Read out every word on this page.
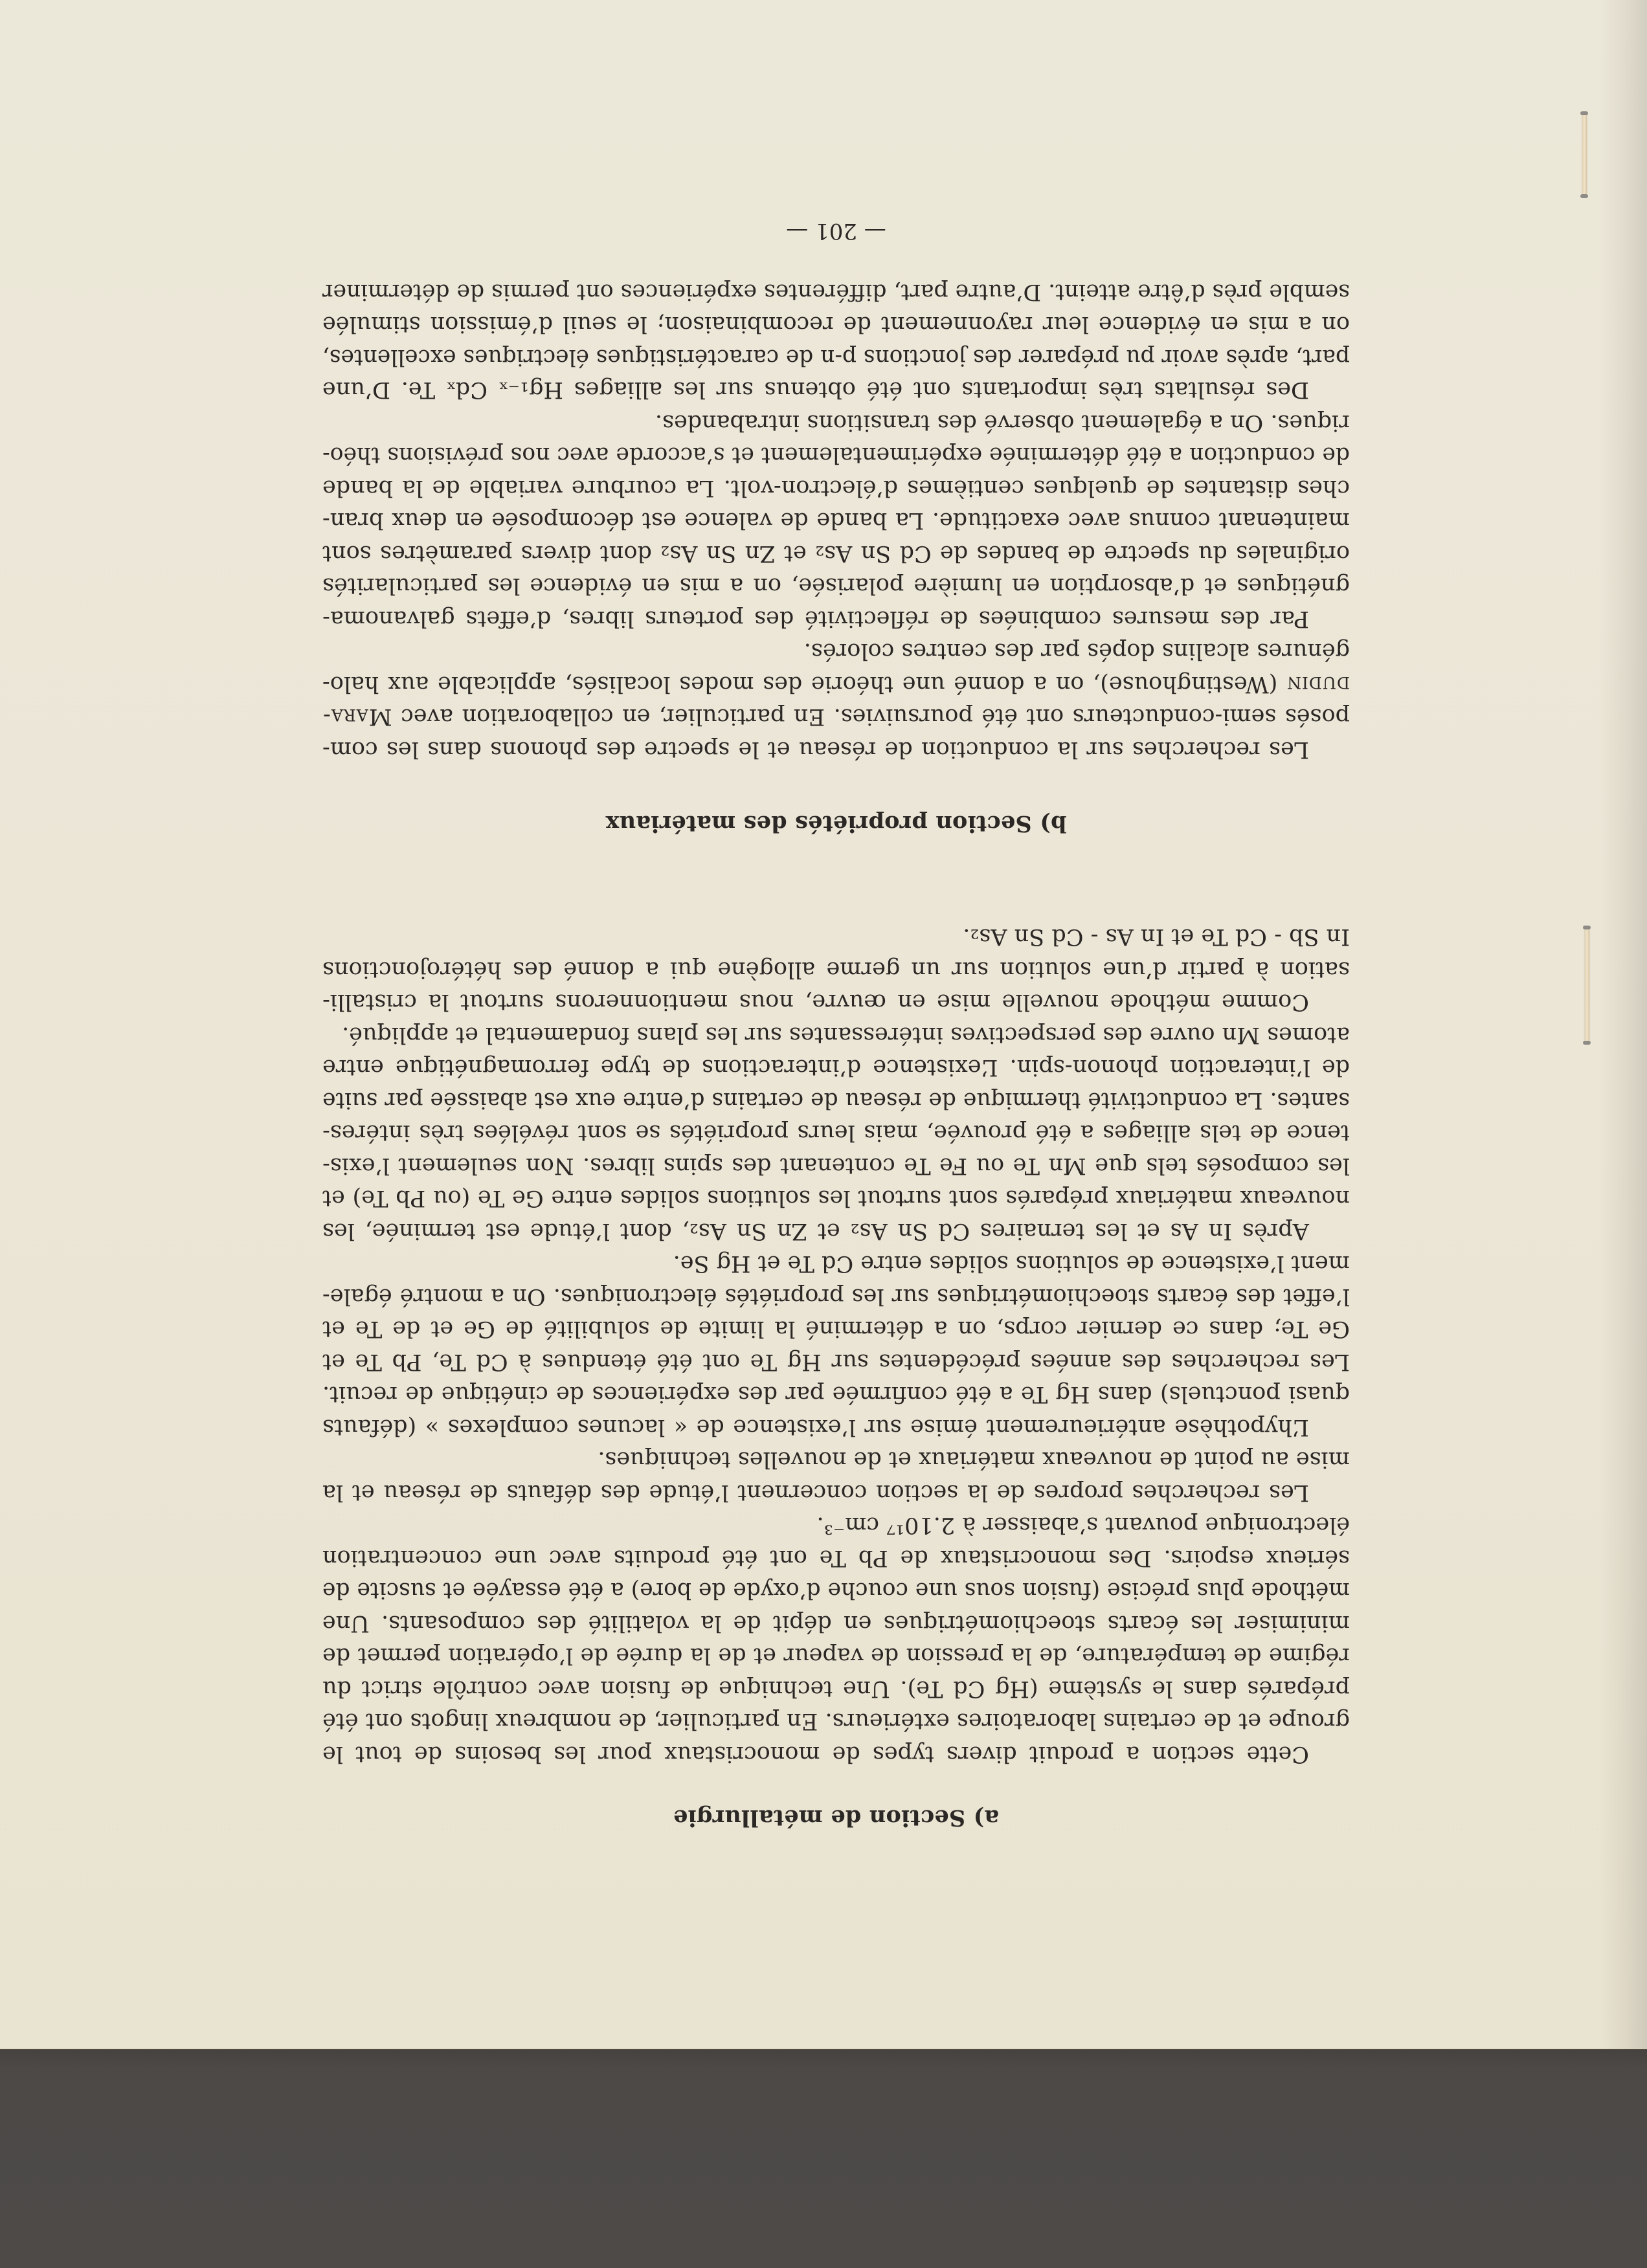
a) Section de métallurgie
Cette section a produit divers types de monocristaux pour les besoins de tout le
groupe et de certains laboratoires extérieurs. En particulier, de nombreux lingots ont été
préparés dans le système (Hg Cd Te). Une technique de fusion avec contrôle strict du
régime de température, de la pression de vapeur et de la durée de l’opération permet de
minimiser les écarts stoechiométriques en dépit de la volatilité des composants. Une
méthode plus précise (fusion sous une couche d’oxyde de bore) a été essayée et suscite de
sérieux espoirs. Des monocristaux de Pb Te ont été produits avec une concentration
électronique pouvant s’abaisser à 2.10¹⁷ cm⁻³.
Les recherches propres de la section concernent l’étude des défauts de réseau et la
mise au point de nouveaux matériaux et de nouvelles techniques.
L’hypothèse antérieurement émise sur l’existence de « lacunes complexes » (défauts
quasi ponctuels) dans Hg Te a été confirmée par des expériences de cinétique de recuit.
Les recherches des années précédentes sur Hg Te ont été étendues à Cd Te, Pb Te et
Ge Te; dans ce dernier corps, on a déterminé la limite de solubilité de Ge et de Te et
l’effet des écarts stoechiométriques sur les propriétés électroniques. On a montré égale-
ment l’existence de solutions solides entre Cd Te et Hg Se.
Après In As et les ternaires Cd Sn As₂ et Zn Sn As₂, dont l’étude est terminée, les
nouveaux matériaux préparés sont surtout les solutions solides entre Ge Te (ou Pb Te) et
les composés tels que Mn Te ou Fe Te contenant des spins libres. Non seulement l’exis-
tence de tels alliages a été prouvée, mais leurs propriétés se sont révélées très intéres-
santes. La conductivité thermique de réseau de certains d’entre eux est abaissée par suite
de l’interaction phonon-spin. L’existence d’interactions de type ferromagnétique entre
atomes Mn ouvre des perspectives intéressantes sur les plans fondamental et appliqué.
Comme méthode nouvelle mise en œuvre, nous mentionnerons surtout la cristalli-
sation à partir d’une solution sur un germe allogène qui a donné des hétérojonctions
In Sb - Cd Te et In As - Cd Sn As₂.
b) Section propriétés des matériaux
Les recherches sur la conduction de réseau et le spectre des phonons dans les com-
posés semi-conducteurs ont été poursuivies. En particulier, en collaboration avec Mara-
dudin (Westinghouse), on a donné une théorie des modes localisés, applicable aux halo-
génures alcalins dopés par des centres colorés.
Par des mesures combinées de réflectivité des porteurs libres, d’effets galvanoma-
gnétiques et d’absorption en lumière polarisée, on a mis en évidence les particularités
originales du spectre de bandes de Cd Sn As₂ et Zn Sn As₂ dont divers paramètres sont
maintenant connus avec exactitude. La bande de valence est décomposée en deux bran-
ches distantes de quelques centièmes d’électron-volt. La courbure variable de la bande
de conduction a été déterminée expérimentalement et s’accorde avec nos prévisions théo-
riques. On a également observé des transitions intrabandes.
Des résultats très importants ont été obtenus sur les alliages Hg₁₋ₓ Cdₓ Te. D’une
part, après avoir pu préparer des jonctions p-n de caractéristiques électriques excellentes,
on a mis en évidence leur rayonnement de recombinaison; le seuil d’émission stimulée
semble près d’être atteint. D’autre part, différentes expériences ont permis de déterminer
— 201 —
